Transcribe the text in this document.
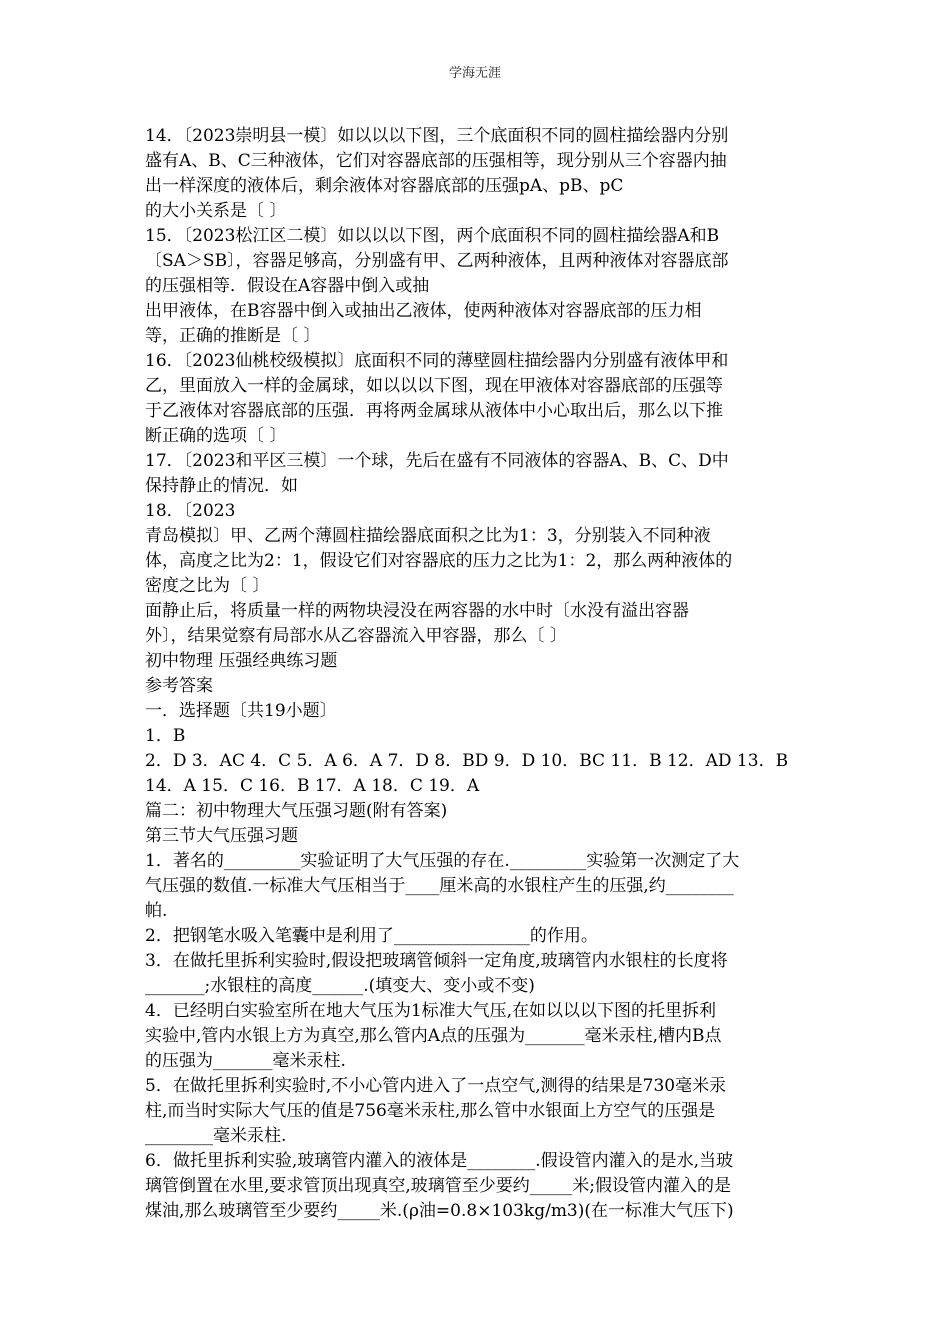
学海无涯
14．〔2023崇明县一模〕如以以以下图，三个底面积不同的圆柱描绘器内分别
盛有A、B、C三种液体，它们对容器底部的压强相等，现分别从三个容器内抽
出一样深度的液体后，剩余液体对容器底部的压强pA、pB、pC
的大小关系是〔 〕
15．〔2023松江区二模〕如以以以下图，两个底面积不同的圆柱描绘器A和B
〔SA＞SB〕，容器足够高，分别盛有甲、乙两种液体，且两种液体对容器底部
的压强相等．假设在A容器中倒入或抽
出甲液体，在B容器中倒入或抽出乙液体，使两种液体对容器底部的压力相
等，正确的推断是〔 〕
16．〔2023仙桃校级模拟〕底面积不同的薄壁圆柱描绘器内分别盛有液体甲和
乙，里面放入一样的金属球，如以以以下图，现在甲液体对容器底部的压强等
于乙液体对容器底部的压强．再将两金属球从液体中小心取出后，那么以下推
断正确的选项〔 〕
17．〔2023和平区三模〕一个球，先后在盛有不同液体的容器A、B、C、D中
保持静止的情况．如
18．〔2023
青岛模拟〕甲、乙两个薄圆柱描绘器底面积之比为1：3，分别装入不同种液
体，高度之比为2：1，假设它们对容器底的压力之比为1：2，那么两种液体的
密度之比为〔 〕
面静止后，将质量一样的两物块浸没在两容器的水中时〔水没有溢出容器
外〕，结果觉察有局部水从乙容器流入甲容器，那么〔 〕
初中物理 压强经典练习题
参考答案
一．选择题〔共19小题〕
1．B
2．D 3．AC 4．C 5．A 6．A 7．D 8．BD 9．D 10．BC 11．B 12．AD 13．B
14．A 15．C 16．B 17．A 18．C 19．A
篇二：初中物理大气压强习题(附有答案)
第三节大气压强习题
1．著名的_________实验证明了大气压强的存在._________实验第一次测定了大
气压强的数值.一标准大气压相当于____厘米高的水银柱产生的压强,约________
帕.
2．把钢笔水吸入笔囊中是利用了________________的作用。
3．在做托里拆利实验时,假设把玻璃管倾斜一定角度,玻璃管内水银柱的长度将
_______;水银柱的高度______.(填变大、变小或不变)
4．已经明白实验室所在地大气压为1标准大气压,在如以以以下图的托里拆利
实验中,管内水银上方为真空,那么管内A点的压强为_______毫米汞柱,槽内B点
的压强为_______毫米汞柱.
5．在做托里拆利实验时,不小心管内进入了一点空气,测得的结果是730毫米汞
柱,而当时实际大气压的值是756毫米汞柱,那么管中水银面上方空气的压强是
________毫米汞柱.
6．做托里拆利实验,玻璃管内灌入的液体是________.假设管内灌入的是水,当玻
璃管倒置在水里,要求管顶出现真空,玻璃管至少要约_____米;假设管内灌入的是
煤油,那么玻璃管至少要约_____米.(ρ油=0.8×103kg/m3)(在一标准大气压下)
